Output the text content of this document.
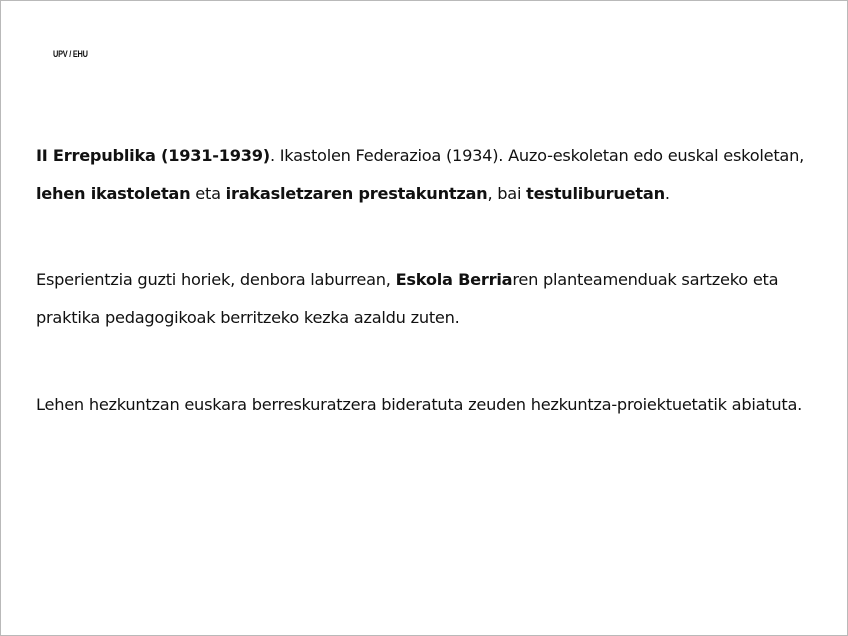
UPV / EHU

II Errepublika (1931-1939). Ikastolen Federazioa (1934). Auzo-eskoletan edo euskal eskoletan, lehen ikastoletan eta irakasletzaren prestakuntzan, bai testuliburuetan.

Esperientzia guzti horiek, denbora laburrean, Eskola Berriaren planteamenduak sartzeko eta praktika pedagogikoak berritzeko kezka azaldu zuten.

Lehen hezkuntzan euskara berreskuratzera bideratuta zeuden hezkuntza-proiektuetatik abiatuta.
